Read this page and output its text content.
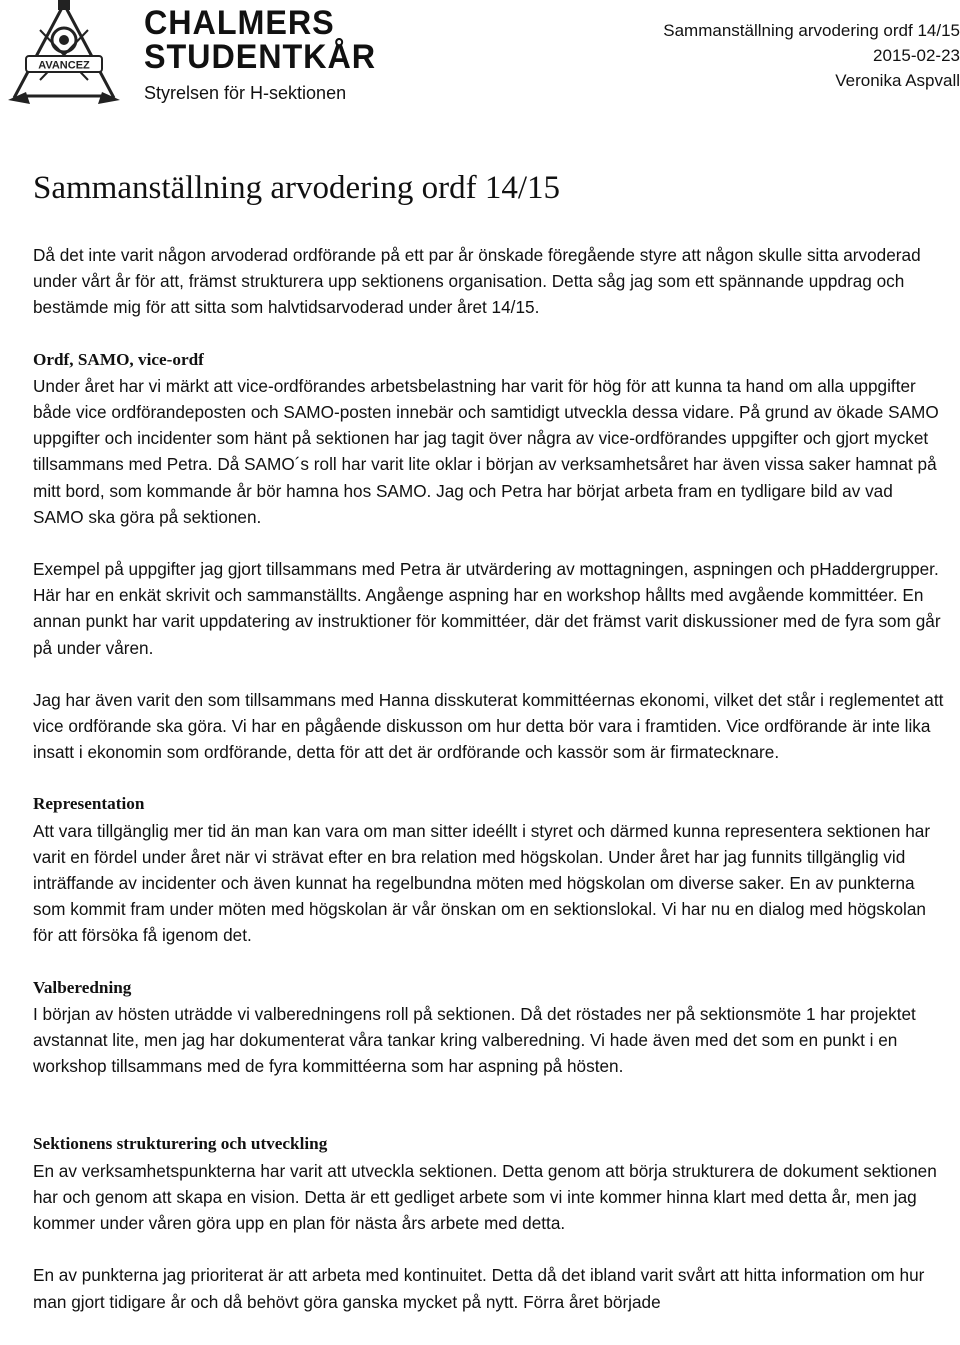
AVANCEZ
CHALMERS
STUDENTKÅR
Styrelsen för H-sektionen
Sammanställning arvodering ordf 14/15
2015-02-23
Veronika Aspvall
Sammanställning arvodering ordf 14/15

Då det inte varit någon arvoderad ordförande på ett par år önskade föregående styre att någon skulle sitta arvoderad under vårt år för att, främst strukturera upp sektionens organisation. Detta såg jag som ett spännande uppdrag och bestämde mig för att sitta som halvtidsarvoderad under året 14/15.

Ordf, SAMO, vice-ordf

Under året har vi märkt att vice-ordförandes arbetsbelastning har varit för hög för att kunna ta hand om alla uppgifter både vice ordförandeposten och SAMO-posten innebär och samtidigt utveckla dessa vidare. På grund av ökade SAMO uppgifter och incidenter som hänt på sektionen har jag tagit över några av vice-ordförandes uppgifter och gjort mycket tillsammans med Petra. Då SAMO´s roll har varit lite oklar i början av verksamhetsåret har även vissa saker hamnat på mitt bord, som kommande år bör hamna hos SAMO. Jag och Petra har börjat arbeta fram en tydligare bild av vad SAMO ska göra på sektionen.

Exempel på uppgifter jag gjort tillsammans med Petra är utvärdering av mottagningen, aspningen och pHaddergrupper. Här har en enkät skrivit och sammanställts. Angåenge aspning har en workshop hållts med avgående kommittéer. En annan punkt har varit uppdatering av instruktioner för kommittéer, där det främst varit diskussioner med de fyra som går på under våren.

Jag har även varit den som tillsammans med Hanna disskuterat kommittéernas ekonomi, vilket det står i reglementet att vice ordförande ska göra. Vi har en pågående diskusson om hur detta bör vara i framtiden. Vice ordförande är inte lika insatt i ekonomin som ordförande, detta för att det är ordförande och kassör som är firmatecknare.

Representation

Att vara tillgänglig mer tid än man kan vara om man sitter ideéllt i styret och därmed kunna representera sektionen har varit en fördel under året när vi strävat efter en bra relation med högskolan. Under året har jag funnits tillgänglig vid inträffande av incidenter och även kunnat ha regelbundna möten med högskolan om diverse saker. En av punkterna som kommit fram under möten med högskolan är vår önskan om en sektionslokal. Vi har nu en dialog med högskolan för att försöka få igenom det.

Valberedning

I början av hösten uträdde vi valberedningens roll på sektionen. Då det röstades ner på sektionsmöte 1 har projektet avstannat lite, men jag har dokumenterat våra tankar kring valberedning. Vi hade även med det som en punkt i en workshop tillsammans med de fyra kommittéerna som har aspning på hösten.

Sektionens strukturering och utveckling

En av verksamhetspunkterna har varit att utveckla sektionen. Detta genom att börja strukturera de dokument sektionen har och genom att skapa en vision. Detta är ett gedliget arbete som vi inte kommer hinna klart med detta år, men jag kommer under våren göra upp en plan för nästa års arbete med detta.

En av punkterna jag prioriterat är att arbeta med kontinuitet. Detta då det ibland varit svårt att hitta information om hur man gjort tidigare år och då behövt göra ganska mycket på nytt. Förra året började
